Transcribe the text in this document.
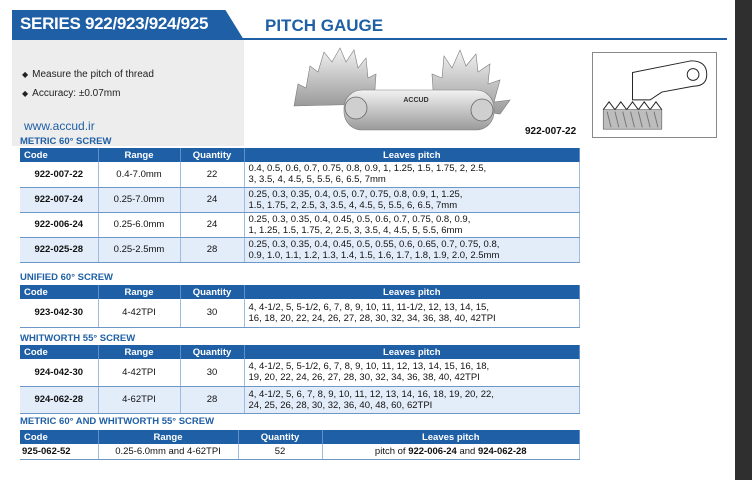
SERIES 922/923/924/925	PITCH GAUGE
◆ Measure the pitch of thread
◆ Accuracy: ±0.07mm
www.accud.ir
ACCUD
922-007-22
METRIC 60° SCREW
Code	Range	Quantity	Leaves pitch
922-007-22	0.4-7.0mm	22	0.4, 0.5, 0.6, 0.7, 0.75, 0.8, 0.9, 1, 1.25, 1.5, 1.75, 2, 2.5,
3, 3.5, 4, 4.5, 5, 5.5, 6, 6.5, 7mm

922-007-24	0.25-7.0mm	24	0.25, 0.3, 0.35, 0.4, 0.5, 0.7, 0.75, 0.8, 0.9, 1, 1.25,
1.5, 1.75, 2, 2.5, 3, 3.5, 4, 4.5, 5, 5.5, 6, 6.5, 7mm

922-006-24	0.25-6.0mm	24	0.25, 0.3, 0.35, 0.4, 0.45, 0.5, 0.6, 0.7, 0.75, 0.8, 0.9,
1, 1.25, 1.5, 1.75, 2, 2.5, 3, 3.5, 4, 4.5, 5, 5.5, 6mm

922-025-28	0.25-2.5mm	28	0.25, 0.3, 0.35, 0.4, 0.45, 0.5, 0.55, 0.6, 0.65, 0.7, 0.75, 0.8,
0.9, 1.0, 1.1, 1.2, 1.3, 1.4, 1.5, 1.6, 1.7, 1.8, 1.9, 2.0, 2.5mm
UNIFIED 60° SCREW
Code	Range	Quantity	Leaves pitch
923-042-30	4-42TPI	30	4, 4-1/2, 5, 5-1/2, 6, 7, 8, 9, 10, 11, 11-1/2, 12, 13, 14, 15,
16, 18, 20, 22, 24, 26, 27, 28, 30, 32, 34, 36, 38, 40, 42TPI
WHITWORTH 55° SCREW
Code	Range	Quantity	Leaves pitch
924-042-30	4-42TPI	30	4, 4-1/2, 5, 5-1/2, 6, 7, 8, 9, 10, 11, 12, 13, 14, 15, 16, 18,
19, 20, 22, 24, 26, 27, 28, 30, 32, 34, 36, 38, 40, 42TPI

924-062-28	4-62TPI	28	4, 4-1/2, 5, 6, 7, 8, 9, 10, 11, 12, 13, 14, 16, 18, 19, 20, 22,
24, 25, 26, 28, 30, 32, 36, 40, 48, 60, 62TPI
METRIC 60° AND WHITWORTH 55° SCREW
Code	Range	Quantity	Leaves pitch
925-062-52	0.25-6.0mm and 4-62TPI	52	pitch of 922-006-24 and 924-062-28
